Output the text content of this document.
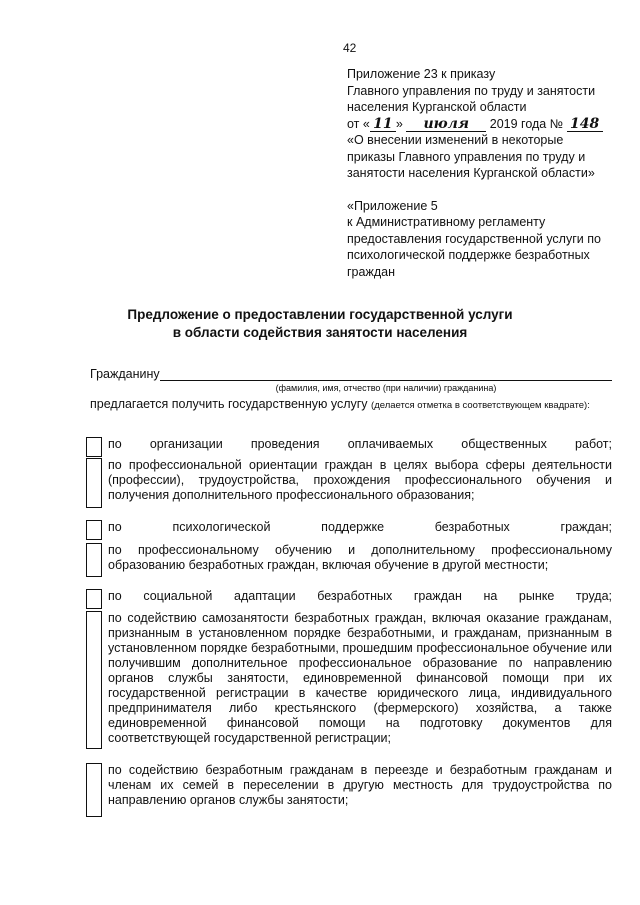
42
Приложение 23 к приказу
Главного управления по труду и занятости
населения Курганской области
от « 11 » июля 2019 года № 148
«О внесении изменений в некоторые
приказы Главного управления по труду и
занятости населения Курганской области»
«Приложение 5
к Административному регламенту
предоставления государственной услуги по
психологической поддержке безработных
граждан
Предложение о предоставлении государственной услуги
в области содействия занятости населения
Гражданину
(фамилия, имя, отчество (при наличии) гражданина)
предлагается получить государственную услугу (делается отметка в соответствующем квадрате):
по организации проведения оплачиваемых общественных работ;
по профессиональной ориентации граждан в целях выбора сферы деятельности (профессии), трудоустройства, прохождения профессионального обучения и получения дополнительного профессионального образования;
по психологической поддержке безработных граждан;
по профессиональному обучению и дополнительному профессиональному образованию безработных граждан, включая обучение в другой местности;
по социальной адаптации безработных граждан на рынке труда;
по содействию самозанятости безработных граждан, включая оказание гражданам, признанным в установленном порядке безработными, и гражданам, признанным в установленном порядке безработными, прошедшим профессиональное обучение или получившим дополнительное профессиональное образование по направлению органов службы занятости, единовременной финансовой помощи при их государственной регистрации в качестве юридического лица, индивидуального предпринимателя либо крестьянского (фермерского) хозяйства, а также единовременной финансовой помощи на подготовку документов для соответствующей государственной регистрации;
по содействию безработным гражданам в переезде и безработным гражданам и членам их семей в переселении в другую местность для трудоустройства по направлению органов службы занятости;
